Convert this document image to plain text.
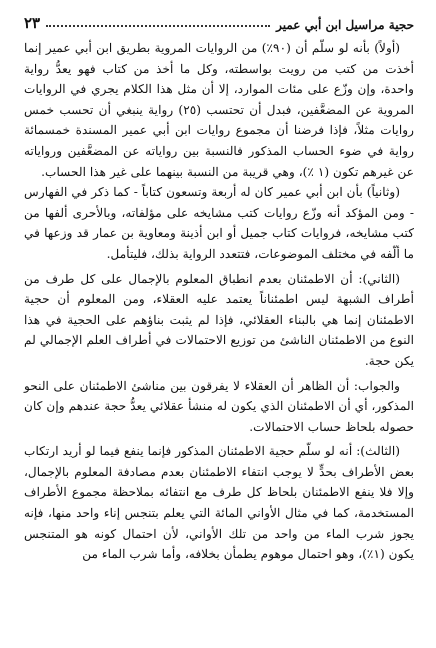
حجية مراسيل ابن أبي عمير
٢٣

(أولاً) بأنه لو سلّم أن (٩٠٪) من الروايات المروية بطريق ابن أبي عمير إنما أخذت من كتب من رويت بواسطته، وكل ما أخذ من كتاب فهو يعدُّ رواية واحدة، وإن وزّع على مئات الموارد، إلا أن مثل هذا الكلام يجري في الروايات المروية عن المضعَّفين، فبدل أن تحتسب (٢٥) رواية ينبغي أن تحسب خمس روايات مثلاً، فإذا فرضنا أن مجموع روايات ابن أبي عمير المسندة خمسمائة رواية في ضوء الحساب المذكور فالنسبة بين رواياته عن المضعَّفين ورواياته عن غيرهم تكون (١ ٪)، وهي قريبة من النسبة بينهما على غير هذا الحساب.

(وثانياً) بأن ابن أبي عمير كان له أربعة وتسعون كتاباً - كما ذكر في الفهارس - ومن المؤكد أنه وزّع روايات كتب مشايخه على مؤلفاته، وبالأحرى ألفها من كتب مشايخه، فروايات كتاب جميل أو ابن أذينة ومعاوية بن عمار قد وزعها في ما ألّفه في مختلف الموضوعات، فتتعدد الرواية بذلك، فليتأمل.

(الثاني): أن الاطمئنان بعدم انطباق المعلوم بالإجمال على كل طرف من أطراف الشبهة ليس اطمئناناً يعتمد عليه العقلاء، ومن المعلوم أن حجية الاطمئنان إنما هي بالبناء العقلائي، فإذا لم يثبت بناؤهم على الحجية في هذا النوع من الاطمئنان الناشئ من توزيع الاحتمالات في أطراف العلم الإجمالي لم يكن حجة.

والجواب: أن الظاهر أن العقلاء لا يفرقون بين مناشئ الاطمئنان على النحو المذكور، أي أن الاطمئنان الذي يكون له منشأ عقلائي يعدُّ حجة عندهم وإن كان حصوله بلحاظ حساب الاحتمالات.

(الثالث): أنه لو سلّم حجية الاطمئنان المذكور فإنما ينفع فيما لو أريد ارتكاب بعض الأطراف بحدٍّ لا يوجب انتفاء الاطمئنان بعدم مصادفة المعلوم بالإجمال، وإلا فلا ينفع الاطمئنان بلحاظ كل طرف مع انتفائه بملاحظة مجموع الأطراف المستخدمة، كما في مثال الأواني المائة التي يعلم بتنجس إناء واحد منها، فإنه يجوز شرب الماء من واحد من تلك الأواني، لأن احتمال كونه هو المتنجس يكون (١٪)، وهو احتمال موهوم يطمأن بخلافه، وأما شرب الماء من
